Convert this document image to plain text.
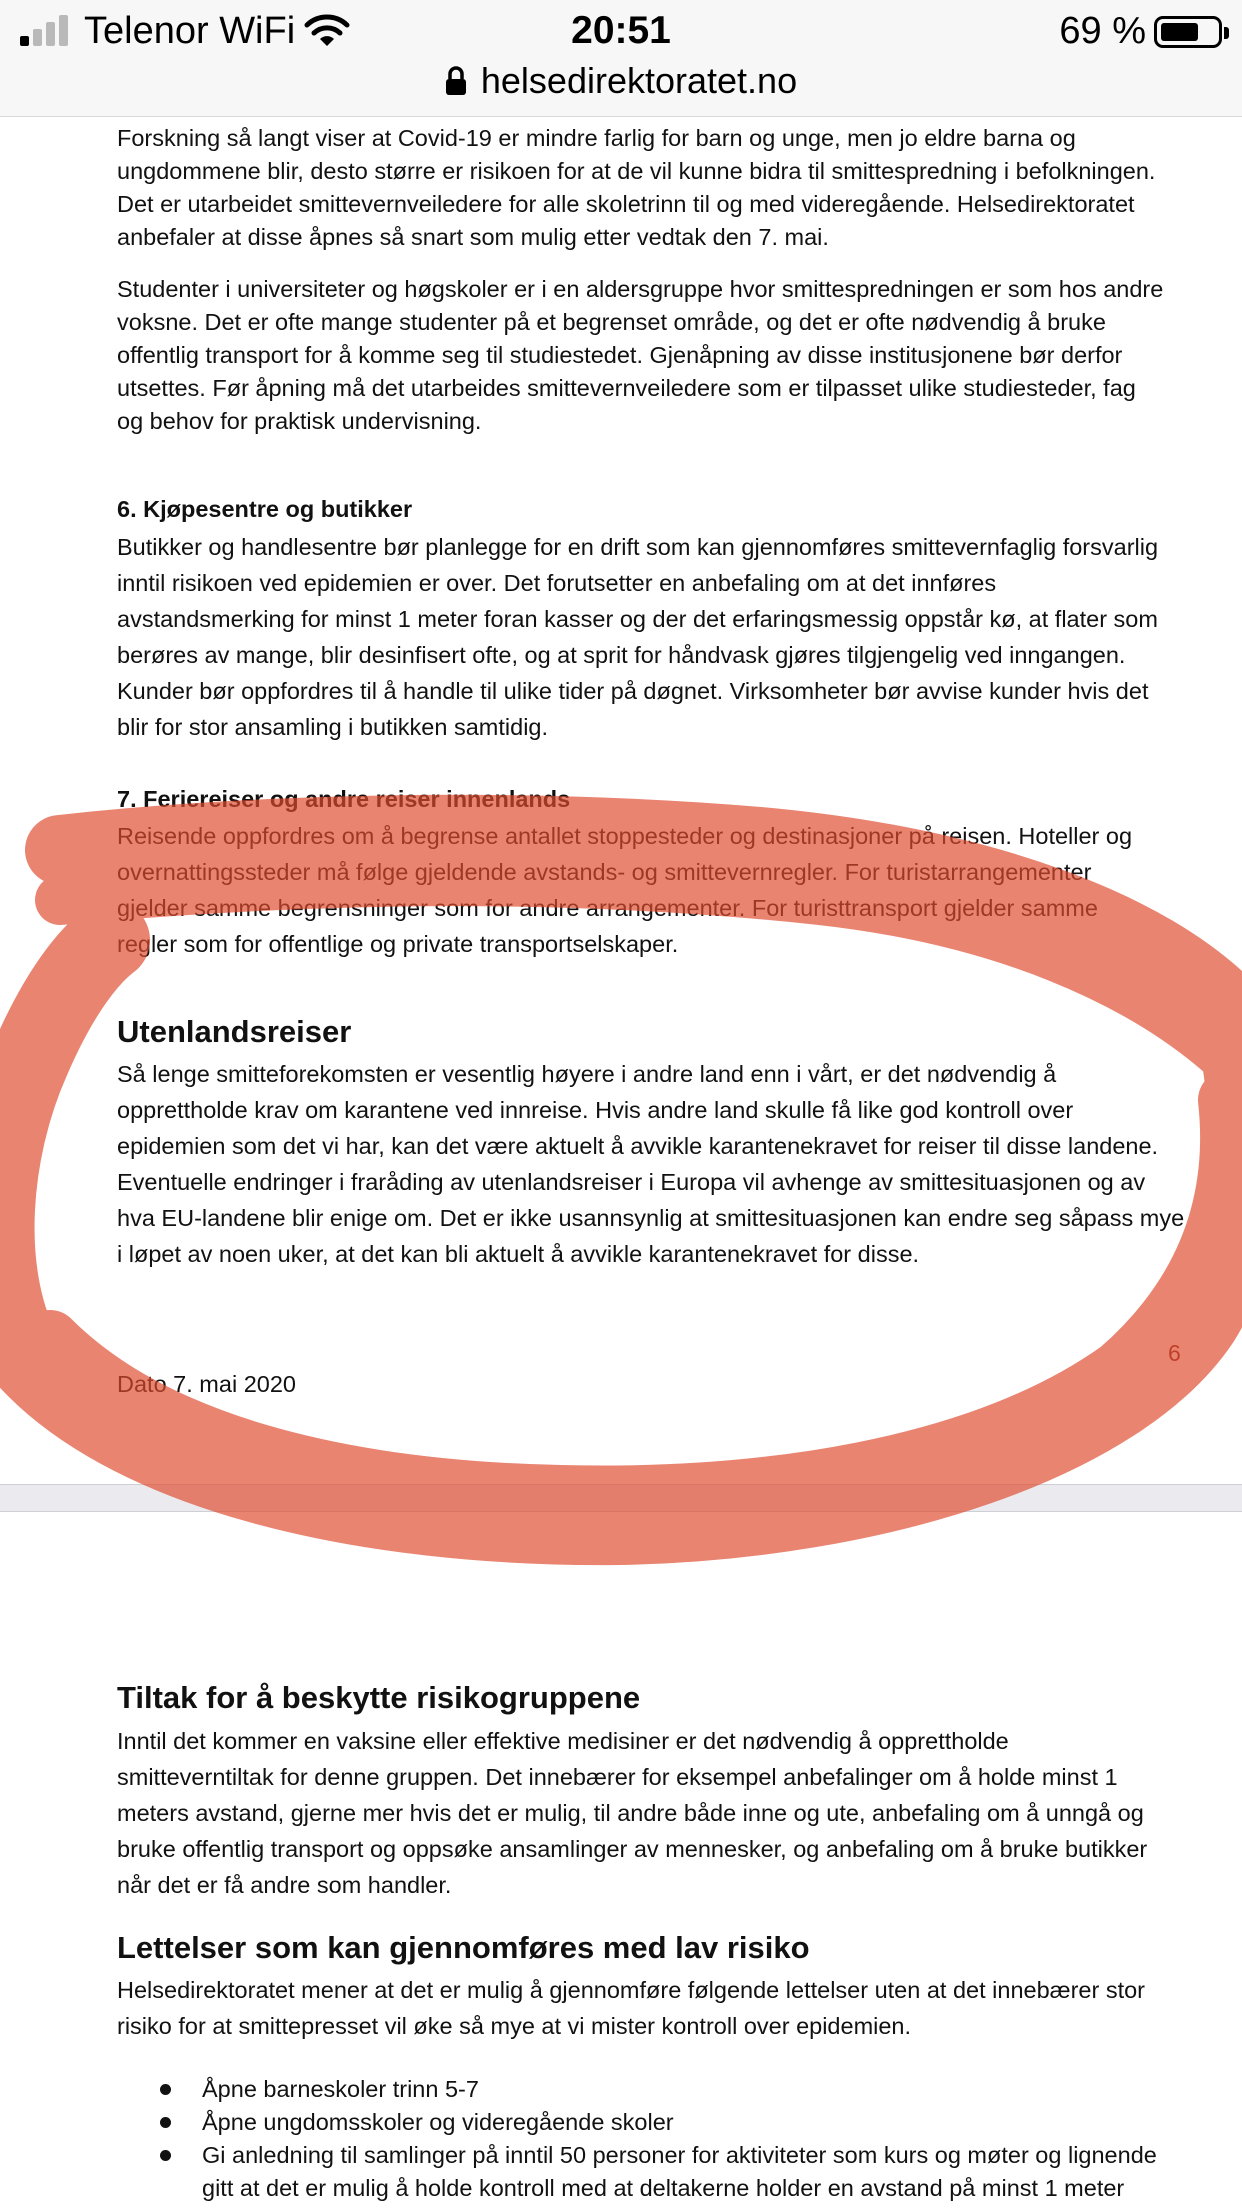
Telenor WiFi	20:51	69 %
helsedirektoratet.no
Forskning så langt viser at Covid-19 er mindre farlig for barn og unge, men jo eldre barna og
ungdommene blir, desto større er risikoen for at de vil kunne bidra til smittespredning i befolkningen.
Det er utarbeidet smittevernveiledere for alle skoletrinn til og med videregående. Helsedirektoratet
anbefaler at disse åpnes så snart som mulig etter vedtak den 7. mai.
Studenter i universiteter og høgskoler er i en aldersgruppe hvor smittespredningen er som hos andre
voksne. Det er ofte mange studenter på et begrenset område, og det er ofte nødvendig å bruke
offentlig transport for å komme seg til studiestedet. Gjenåpning av disse institusjonene bør derfor
utsettes. Før åpning må det utarbeides smittevernveiledere som er tilpasset ulike studiesteder, fag
og behov for praktisk undervisning.
6. Kjøpesentre og butikker
Butikker og handlesentre bør planlegge for en drift som kan gjennomføres smittevernfaglig forsvarlig
inntil risikoen ved epidemien er over. Det forutsetter en anbefaling om at det innføres
avstandsmerking for minst 1 meter foran kasser og der det erfaringsmessig oppstår kø, at flater som
berøres av mange, blir desinfisert ofte, og at sprit for håndvask gjøres tilgjengelig ved inngangen.
Kunder bør oppfordres til å handle til ulike tider på døgnet. Virksomheter bør avvise kunder hvis det
blir for stor ansamling i butikken samtidig.
7. Feriereiser og andre reiser innenlands
Reisende oppfordres om å begrense antallet stoppesteder og destinasjoner på reisen. Hoteller og
overnattingssteder må følge gjeldende avstands- og smittevernregler. For turistarrangementer
gjelder samme begrensninger som for andre arrangementer. For turisttransport gjelder samme
regler som for offentlige og private transportselskaper.
Utenlandsreiser
Så lenge smitteforekomsten er vesentlig høyere i andre land enn i vårt, er det nødvendig å
opprettholde krav om karantene ved innreise. Hvis andre land skulle få like god kontroll over
epidemien som det vi har, kan det være aktuelt å avvikle karantenekravet for reiser til disse landene.
Eventuelle endringer i fraråding av utenlandsreiser i Europa vil avhenge av smittesituasjonen og av
hva EU-landene blir enige om. Det er ikke usannsynlig at smittesituasjonen kan endre seg såpass mye
i løpet av noen uker, at det kan bli aktuelt å avvikle karantenekravet for disse.
6
Dato 7. mai 2020
Tiltak for å beskytte risikogruppene
Inntil det kommer en vaksine eller effektive medisiner er det nødvendig å opprettholde
smitteverntiltak for denne gruppen. Det innebærer for eksempel anbefalinger om å holde minst 1
meters avstand, gjerne mer hvis det er mulig, til andre både inne og ute, anbefaling om å unngå og
bruke offentlig transport og oppsøke ansamlinger av mennesker, og anbefaling om å bruke butikker
når det er få andre som handler.
Lettelser som kan gjennomføres med lav risiko
Helsedirektoratet mener at det er mulig å gjennomføre følgende lettelser uten at det innebærer stor
risiko for at smittepresset vil øke så mye at vi mister kontroll over epidemien.
Åpne barneskoler trinn 5-7
Åpne ungdomsskoler og videregående skoler
Gi anledning til samlinger på inntil 50 personer for aktiviteter som kurs og møter og lignende
gitt at det er mulig å holde kontroll med at deltakerne holder en avstand på minst 1 meter
